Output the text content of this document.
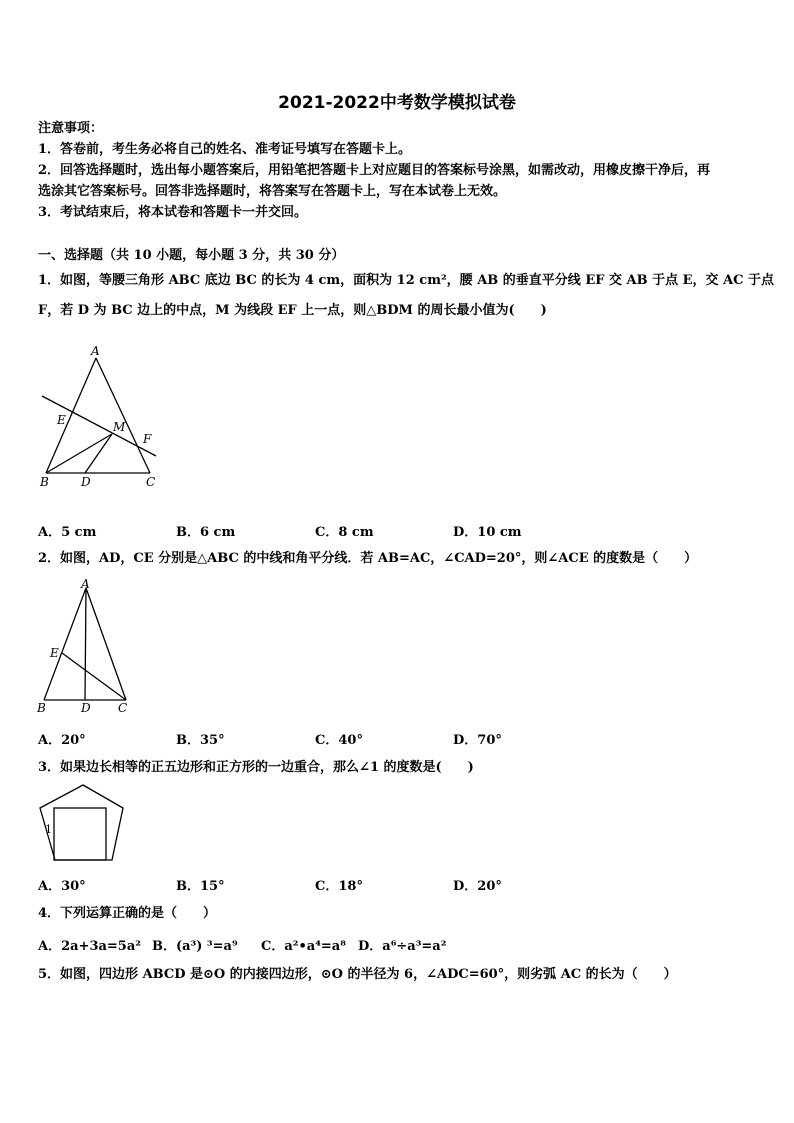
2021-2022中考数学模拟试卷
注意事项：
1．答卷前，考生务必将自己的姓名、准考证号填写在答题卡上。
2．回答选择题时，选出每小题答案后，用铅笔把答题卡上对应题目的答案标号涂黑，如需改动，用橡皮擦干净后，再
选涂其它答案标号。回答非选择题时，将答案写在答题卡上，写在本试卷上无效。
3．考试结束后，将本试卷和答题卡一并交回。
一、选择题（共 10 小题，每小题 3 分，共 30 分）
1．如图，等腰三角形 ABC 底边 BC 的长为 4 cm，面积为 12 cm²，腰 AB 的垂直平分线 EF 交 AB 于点 E，交 AC 于点
F，若 D 为 BC 边上的中点，M 为线段 EF 上一点，则△BDM 的周长最小值为(　　)
A
E	M
F
B	D	C
A．5 cm	B．6 cm	C．8 cm	D．10 cm
2．如图，AD，CE 分别是△ABC 的中线和角平分线．若 AB=AC，∠CAD=20°，则∠ACE 的度数是（　　）
A
E
B	D C
A．20°	B．35°	C．40°	D．70°
3．如果边长相等的正五边形和正方形的一边重合，那么∠1 的度数是(　　)
1
A．30°	B．15°	C．18°	D．20°
4．下列运算正确的是（　　）
A．2a+3a=5a² B．(a³) ³=a⁹ C．a²•a⁴=a⁸ D．a⁶÷a³=a²
5．如图，四边形 ABCD 是⊙O 的内接四边形，⊙O 的半径为 6，∠ADC=60°，则劣弧 AC 的长为（　　）
